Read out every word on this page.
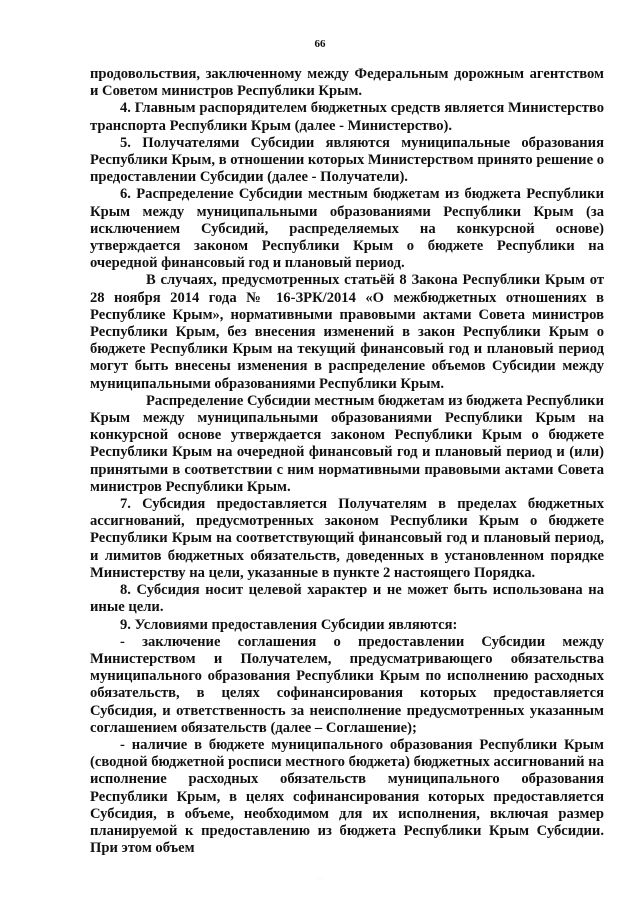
66

продовольствия, заключенному между Федеральным дорожным агентством и Советом министров Республики Крым.

4. Главным распорядителем бюджетных средств является Министерство транспорта Республики Крым (далее - Министерство).

5. Получателями Субсидии являются муниципальные образования Республики Крым, в отношении которых Министерством принято решение о предоставлении Субсидии (далее - Получатели).

6. Распределение Субсидии местным бюджетам из бюджета Республики Крым между муниципальными образованиями Республики Крым (за исключением Субсидий, распределяемых на конкурсной основе) утверждается законом Республики Крым о бюджете Республики на очередной финансовый год и плановый период.

В случаях, предусмотренных статьёй 8 Закона Республики Крым от 28 ноября 2014 года № 16-ЗРК/2014 «О межбюджетных отношениях в Республике Крым», нормативными правовыми актами Совета министров Республики Крым, без внесения изменений в закон Республики Крым о бюджете Республики Крым на текущий финансовый год и плановый период могут быть внесены изменения в распределение объемов Субсидии между муниципальными образованиями Республики Крым.

Распределение Субсидии местным бюджетам из бюджета Республики Крым между муниципальными образованиями Республики Крым на конкурсной основе утверждается законом Республики Крым о бюджете Республики Крым на очередной финансовый год и плановый период и (или) принятыми в соответствии с ним нормативными правовыми актами Совета министров Республики Крым.

7. Субсидия предоставляется Получателям в пределах бюджетных ассигнований, предусмотренных законом Республики Крым о бюджете Республики Крым на соответствующий финансовый год и плановый период, и лимитов бюджетных обязательств, доведенных в установленном порядке Министерству на цели, указанные в пункте 2 настоящего Порядка.

8. Субсидия носит целевой характер и не может быть использована на иные цели.

9. Условиями предоставления Субсидии являются:

- заключение соглашения о предоставлении Субсидии между Министерством и Получателем, предусматривающего обязательства муниципального образования Республики Крым по исполнению расходных обязательств, в целях софинансирования которых предоставляется Субсидия, и ответственность за неисполнение предусмотренных указанным соглашением обязательств (далее – Соглашение);

- наличие в бюджете муниципального образования Республики Крым (сводной бюджетной росписи местного бюджета) бюджетных ассигнований на исполнение расходных обязательств муниципального образования Республики Крым, в целях софинансирования которых предоставляется Субсидия, в объеме, необходимом для их исполнения, включая размер планируемой к предоставлению из бюджета Республики Крым Субсидии. При этом объем

· ·
